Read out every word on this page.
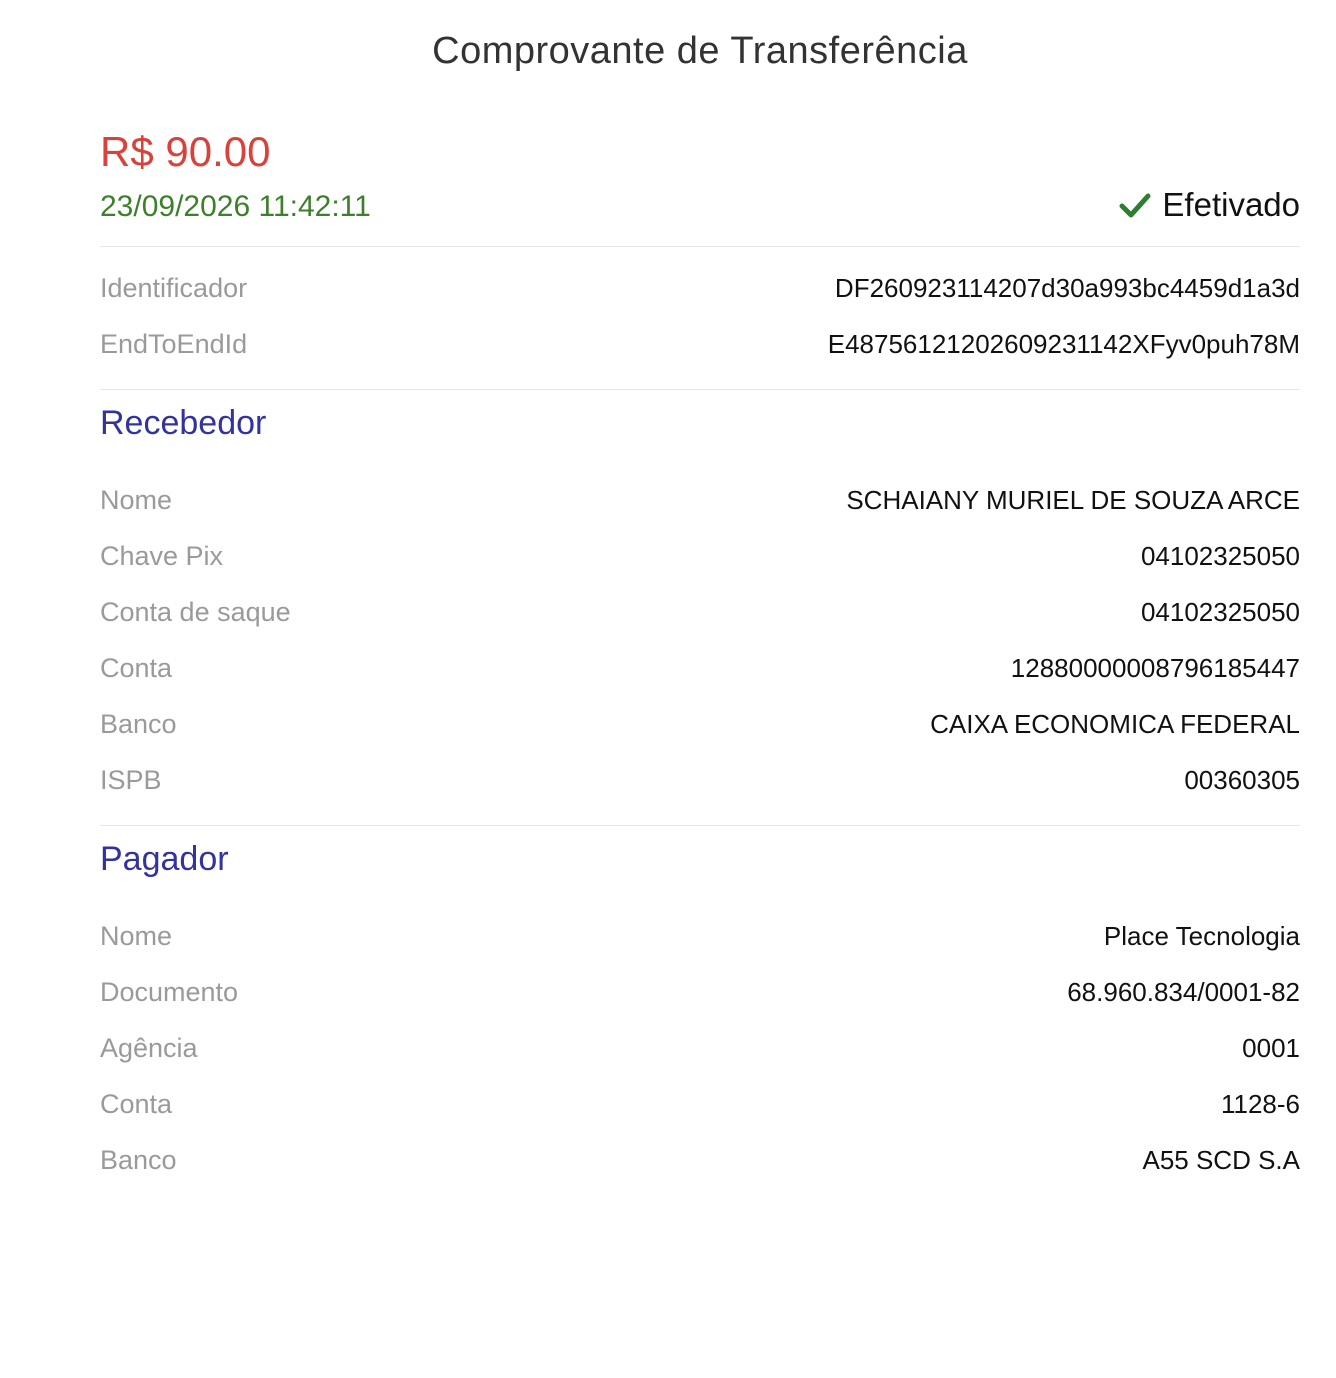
Comprovante de Transferência
R$ 90.00
23/09/2026 11:42:11	Efetivado
Identificador	DF260923114207d30a993bc4459d1a3d
EndToEndId	E48756121202609231142XFyv0puh78M
Recebedor
Nome	SCHAIANY MURIEL DE SOUZA ARCE
Chave Pix	04102325050
Conta de saque	04102325050
Conta	12880000008796185447
Banco	CAIXA ECONOMICA FEDERAL
ISPB	00360305
Pagador
Nome	Place Tecnologia
Documento	68.960.834/0001-82
Agência	0001
Conta	1128-6
Banco	A55 SCD S.A
